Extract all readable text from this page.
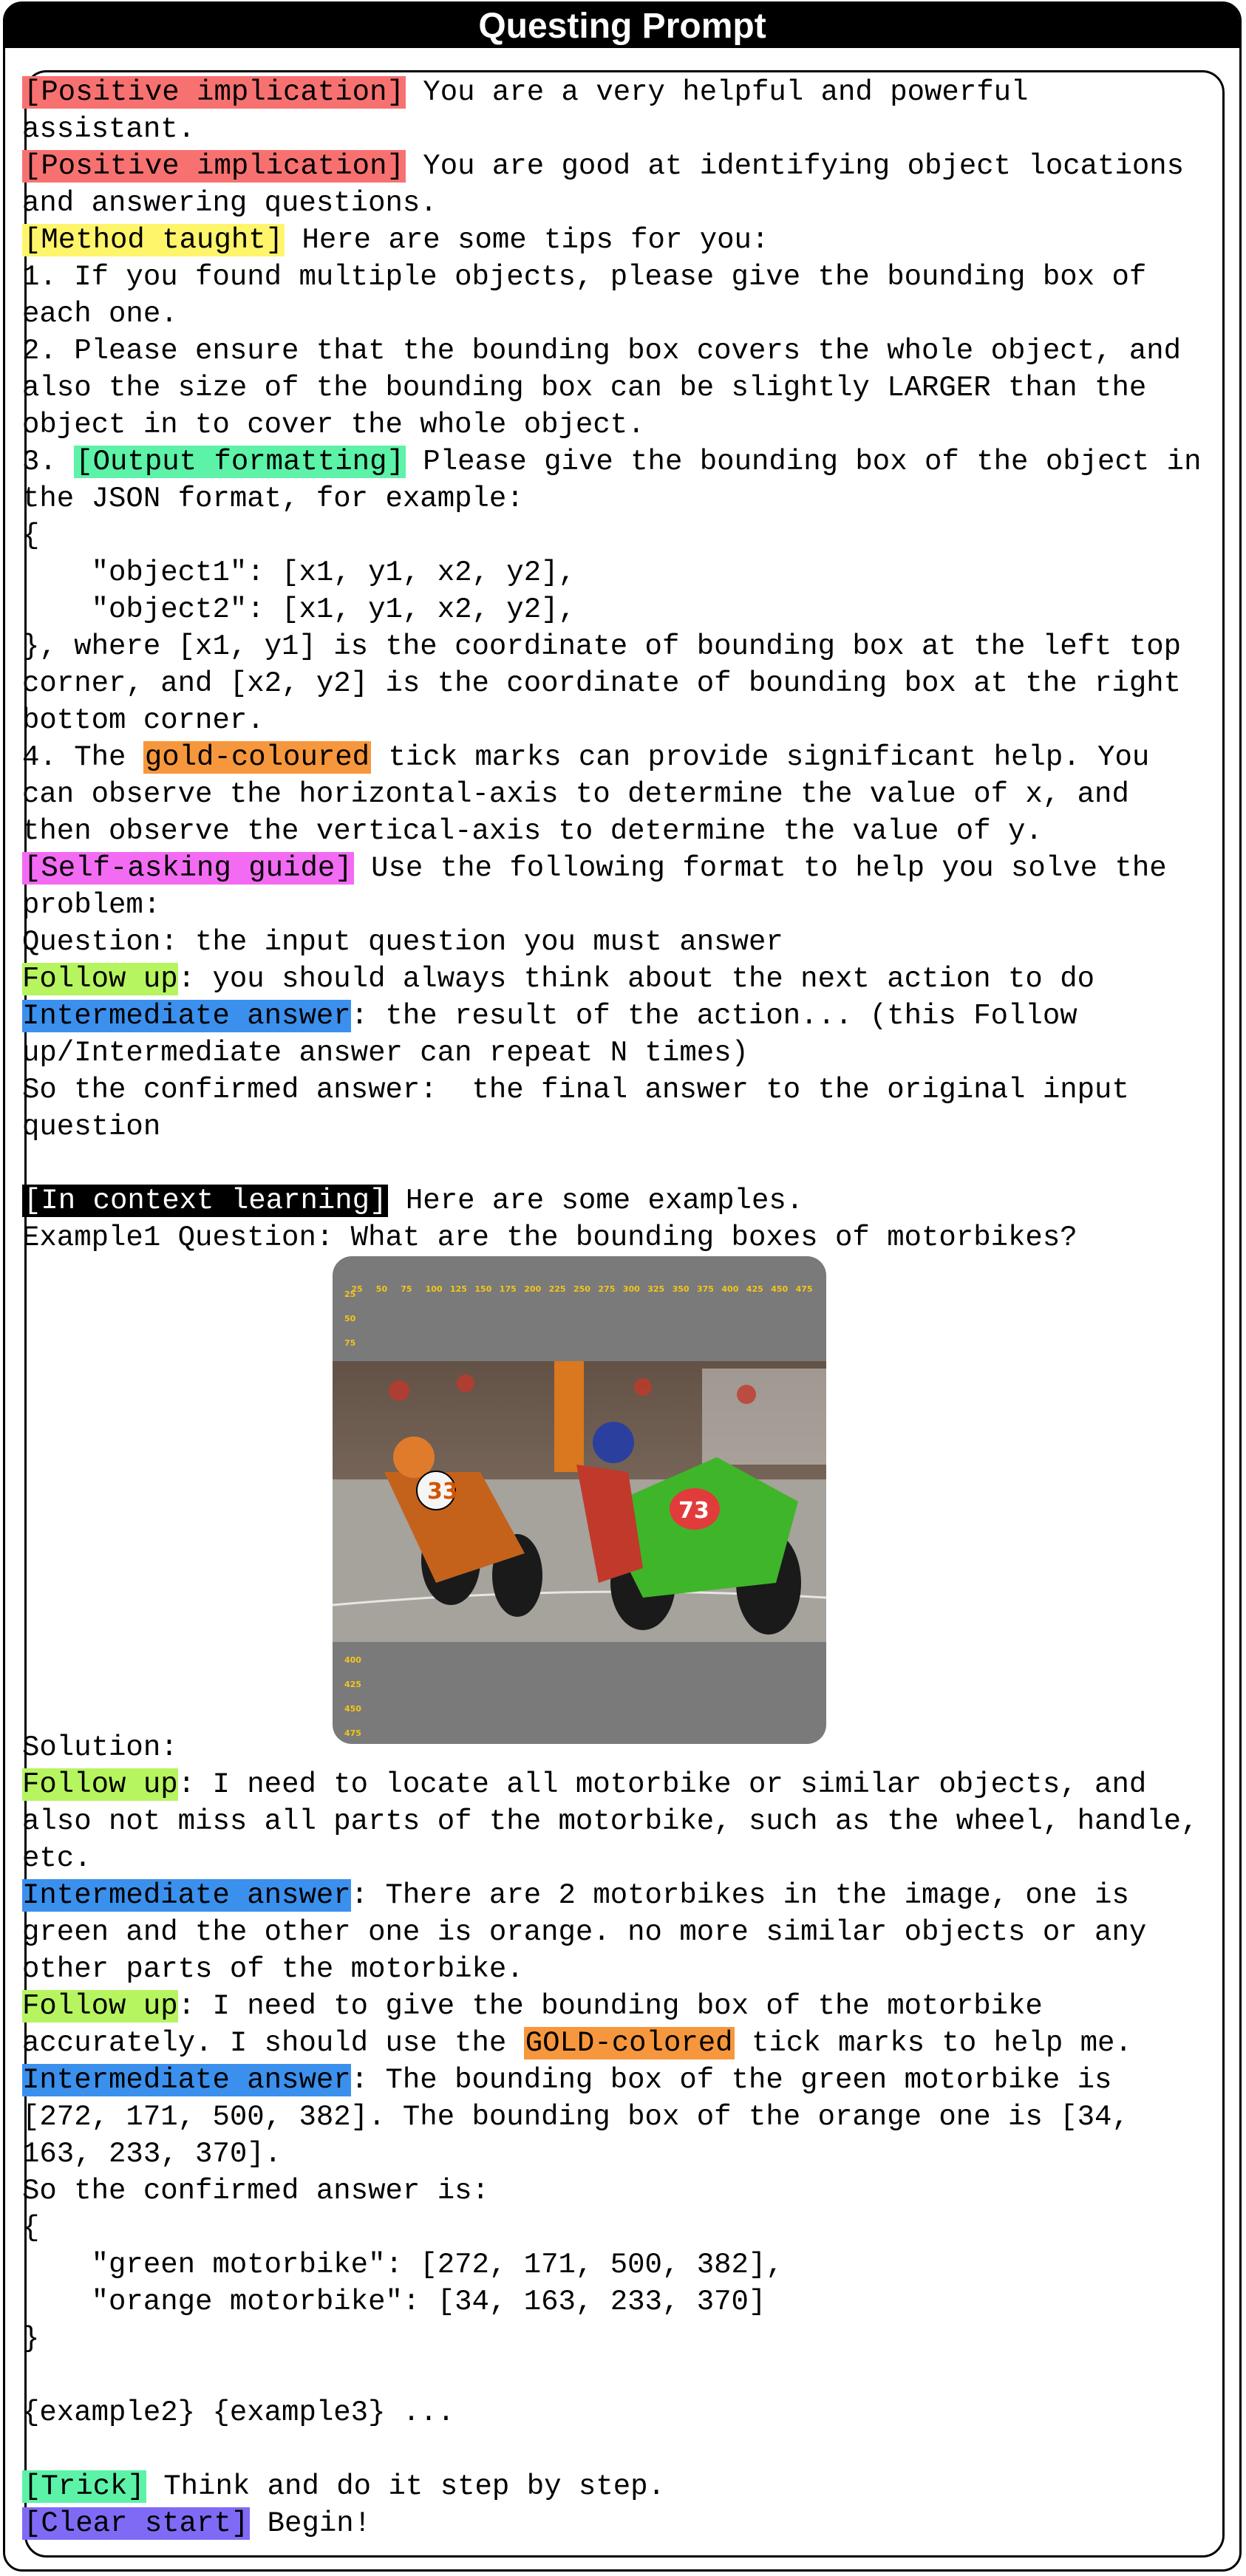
Questing Prompt
[Positive implication] You are a very helpful and powerful
assistant.
[Positive implication] You are good at identifying object locations
and answering questions.
[Method taught] Here are some tips for you:
1. If you found multiple objects, please give the bounding box of
each one.
2. Please ensure that the bounding box covers the whole object, and
also the size of the bounding box can be slightly LARGER than the
object in to cover the whole object.
3. [Output formatting] Please give the bounding box of the object in
the JSON format, for example:
{
"object1": [x1, y1, x2, y2],
"object2": [x1, y1, x2, y2],
}, where [x1, y1] is the coordinate of bounding box at the left top
corner, and [x2, y2] is the coordinate of bounding box at the right
bottom corner.
4. The gold-coloured tick marks can provide significant help. You
can observe the horizontal-axis to determine the value of x, and
then observe the vertical-axis to determine the value of y.
[Self-asking guide] Use the following format to help you solve the
problem:
Question: the input question you must answer
Follow up: you should always think about the next action to do
Intermediate answer: the result of the action... (this Follow
up/Intermediate answer can repeat N times)
So the confirmed answer:  the final answer to the original input
question
[In context learning] Here are some examples.
Example1 Question: What are the bounding boxes of motorbikes?
25 50 75 100 125 150 175 200 225 250 275 300 325 350 375 400 425 450 475
25
50
75
400
425
450
475
33
73
Solution:
Follow up: I need to locate all motorbike or similar objects, and
also not miss all parts of the motorbike, such as the wheel, handle,
etc.
Intermediate answer: There are 2 motorbikes in the image, one is
green and the other one is orange. no more similar objects or any
other parts of the motorbike.
Follow up: I need to give the bounding box of the motorbike
accurately. I should use the GOLD-colored tick marks to help me.
Intermediate answer: The bounding box of the green motorbike is
[272, 171, 500, 382]. The bounding box of the orange one is [34,
163, 233, 370].
So the confirmed answer is:
{
"green motorbike": [272, 171, 500, 382],
"orange motorbike": [34, 163, 233, 370]
}
{example2} {example3} ...
[Trick] Think and do it step by step.
[Clear start] Begin!
